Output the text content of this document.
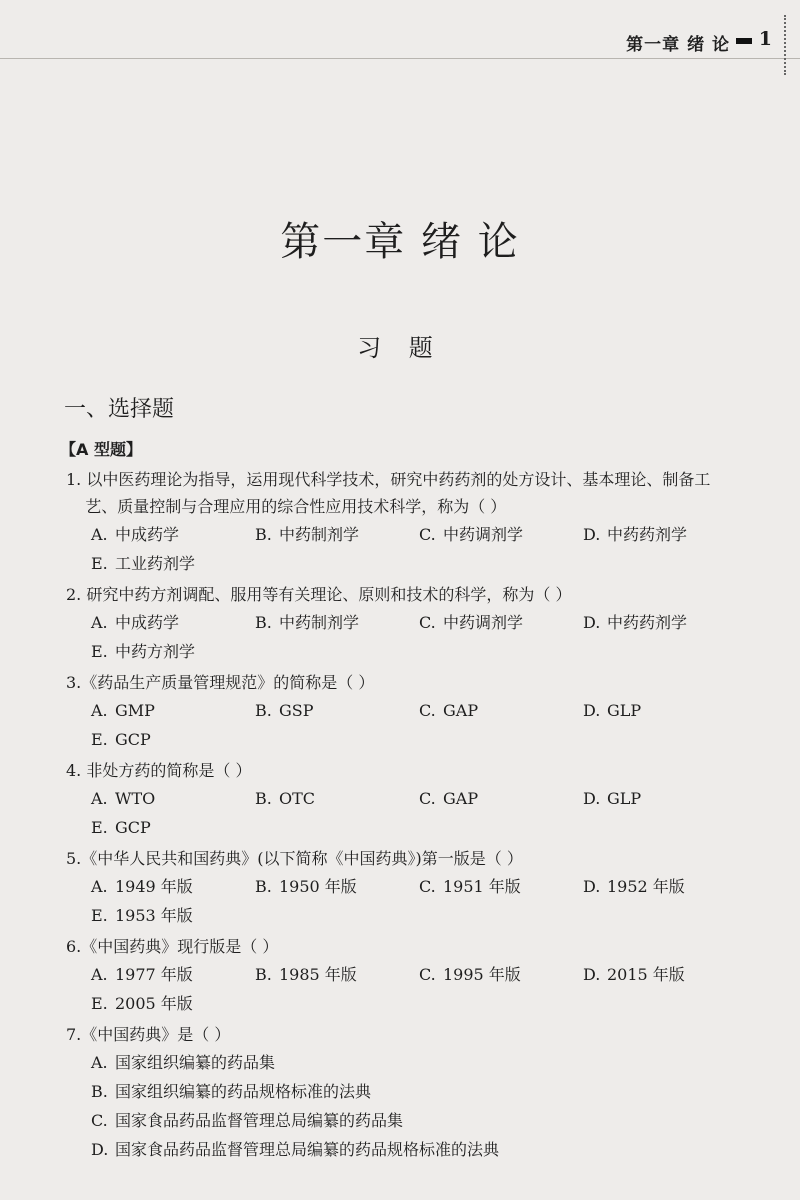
第一章 绪 论 1
第一章 绪 论
习 题
一、选择题
【A 型题】
1. 以中医药理论为指导，运用现代科学技术，研究中药药剂的处方设计、基本理论、制备工艺、质量控制与合理应用的综合性应用技术科学，称为（ ）
A. 中成药学	B. 中药制剂学	C. 中药调剂学	D. 中药药剂学
E. 工业药剂学
2. 研究中药方剂调配、服用等有关理论、原则和技术的科学，称为（ ）
A. 中成药学	B. 中药制剂学	C. 中药调剂学	D. 中药药剂学
E. 中药方剂学
3.《药品生产质量管理规范》的简称是（ ）
A. GMP	B. GSP	C. GAP	D. GLP
E. GCP
4. 非处方药的简称是（ ）
A. WTO	B. OTC	C. GAP	D. GLP
E. GCP
5.《中华人民共和国药典》(以下简称《中国药典》)第一版是（ ）
A. 1949 年版	B. 1950 年版	C. 1951 年版	D. 1952 年版
E. 1953 年版
6.《中国药典》现行版是（ ）
A. 1977 年版	B. 1985 年版	C. 1995 年版	D. 2015 年版
E. 2005 年版
7.《中国药典》是（ ）
A. 国家组织编纂的药品集
B. 国家组织编纂的药品规格标准的法典
C. 国家食品药品监督管理总局编纂的药品集
D. 国家食品药品监督管理总局编纂的药品规格标准的法典
